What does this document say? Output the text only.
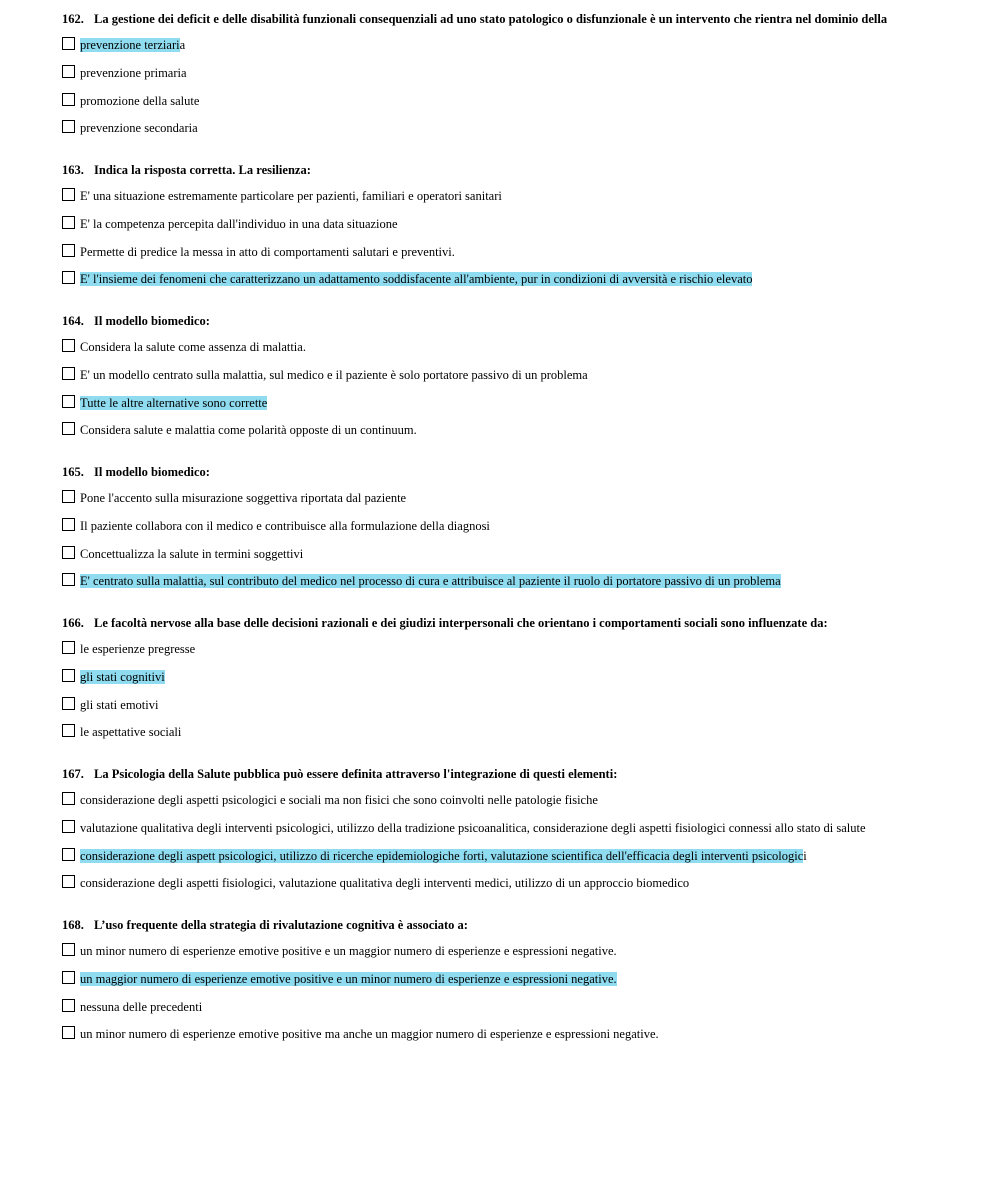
162. La gestione dei deficit e delle disabilità funzionali consequenziali ad uno stato patologico o disfunzionale è un intervento che rientra nel dominio della
prevenzione terziaria
prevenzione primaria
promozione della salute
prevenzione secondaria
163. Indica la risposta corretta. La resilienza:
E' una situazione estremamente particolare per pazienti, familiari e operatori sanitari
E' la competenza percepita dall'individuo in una data situazione
Permette di predice la messa in atto di comportamenti salutari e preventivi.
E' l'insieme dei fenomeni che caratterizzano un adattamento soddisfacente all'ambiente, pur in condizioni di avversità e rischio elevato
164. Il modello biomedico:
Considera la salute come assenza di malattia.
E' un modello centrato sulla malattia, sul medico e il paziente è solo portatore passivo di un problema
Tutte le altre alternative sono corrette
Considera salute e malattia come polarità opposte di un continuum.
165. Il modello biomedico:
Pone l'accento sulla misurazione soggettiva riportata dal paziente
Il paziente collabora con il medico e contribuisce alla formulazione della diagnosi
Concettualizza la salute in termini soggettivi
E' centrato sulla malattia, sul contributo del medico nel processo di cura e attribuisce al paziente il ruolo di portatore passivo di un problema
166. Le facoltà nervose alla base delle decisioni razionali e dei giudizi interpersonali che orientano i comportamenti sociali sono influenzate da:
le esperienze pregresse
gli stati cognitivi
gli stati emotivi
le aspettative sociali
167. La Psicologia della Salute pubblica può essere definita attraverso l'integrazione di questi elementi:
considerazione degli aspetti psicologici e sociali ma non fisici che sono coinvolti nelle patologie fisiche
valutazione qualitativa degli interventi psicologici, utilizzo della tradizione psicoanalitica, considerazione degli aspetti fisiologici connessi allo stato di salute
considerazione degli aspett psicologici, utilizzo di ricerche epidemiologiche forti, valutazione scientifica dell'efficacia degli interventi psicologici
considerazione degli aspetti fisiologici, valutazione qualitativa degli interventi medici, utilizzo di un approccio biomedico
168. L’uso frequente della strategia di rivalutazione cognitiva è associato a:
un minor numero di esperienze emotive positive e un maggior numero di esperienze e espressioni negative.
un maggior numero di esperienze emotive positive e un minor numero di esperienze e espressioni negative.
nessuna delle precedenti
un minor numero di esperienze emotive positive ma anche un maggior numero di esperienze e espressioni negative.
